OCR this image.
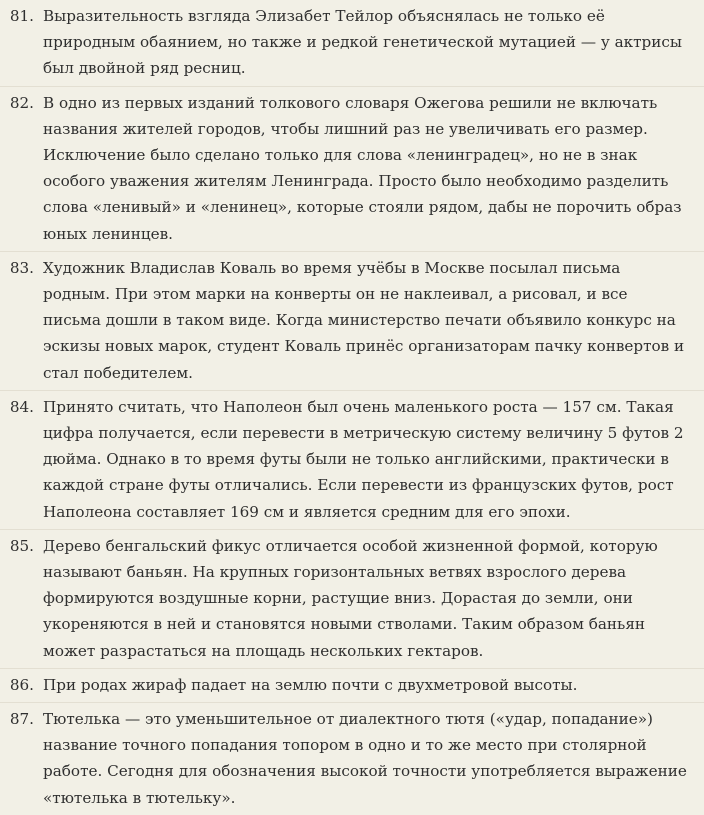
81. Выразительность взгляда Элизабет Тейлор объяснялась не только её природным обаянием, но также и редкой генетической мутацией — у актрисы был двойной ряд ресниц.
82. В одно из первых изданий толкового словаря Ожегова решили не включать названия жителей городов, чтобы лишний раз не увеличивать его размер. Исключение было сделано только для слова «ленинградец», но не в знак особого уважения жителям Ленинграда. Просто было необходимо разделить слова «ленивый» и «ленинец», которые стояли рядом, дабы не порочить образ юных ленинцев.
83. Художник Владислав Коваль во время учёбы в Москве посылал письма родным. При этом марки на конверты он не наклеивал, а рисовал, и все письма дошли в таком виде. Когда министерство печати объявило конкурс на эскизы новых марок, студент Коваль принёс организаторам пачку конвертов и стал победителем.
84. Принято считать, что Наполеон был очень маленького роста — 157 см. Такая цифра получается, если перевести в метрическую систему величину 5 футов 2 дюйма. Однако в то время футы были не только английскими, практически в каждой стране футы отличались. Если перевести из французских футов, рост Наполеона составляет 169 см и является средним для его эпохи.
85. Дерево бенгальский фикус отличается особой жизненной формой, которую называют баньян. На крупных горизонтальных ветвях взрослого дерева формируются воздушные корни, растущие вниз. Дорастая до земли, они укореняются в ней и становятся новыми стволами. Таким образом баньян может разрастаться на площадь нескольких гектаров.
86. При родах жираф падает на землю почти с двухметровой высоты.
87. Тютелька — это уменьшительное от диалектного тютя («удар, попадание») название точного попадания топором в одно и то же место при столярной работе. Сегодня для обозначения высокой точности употребляется выражение «тютелька в тютельку».
